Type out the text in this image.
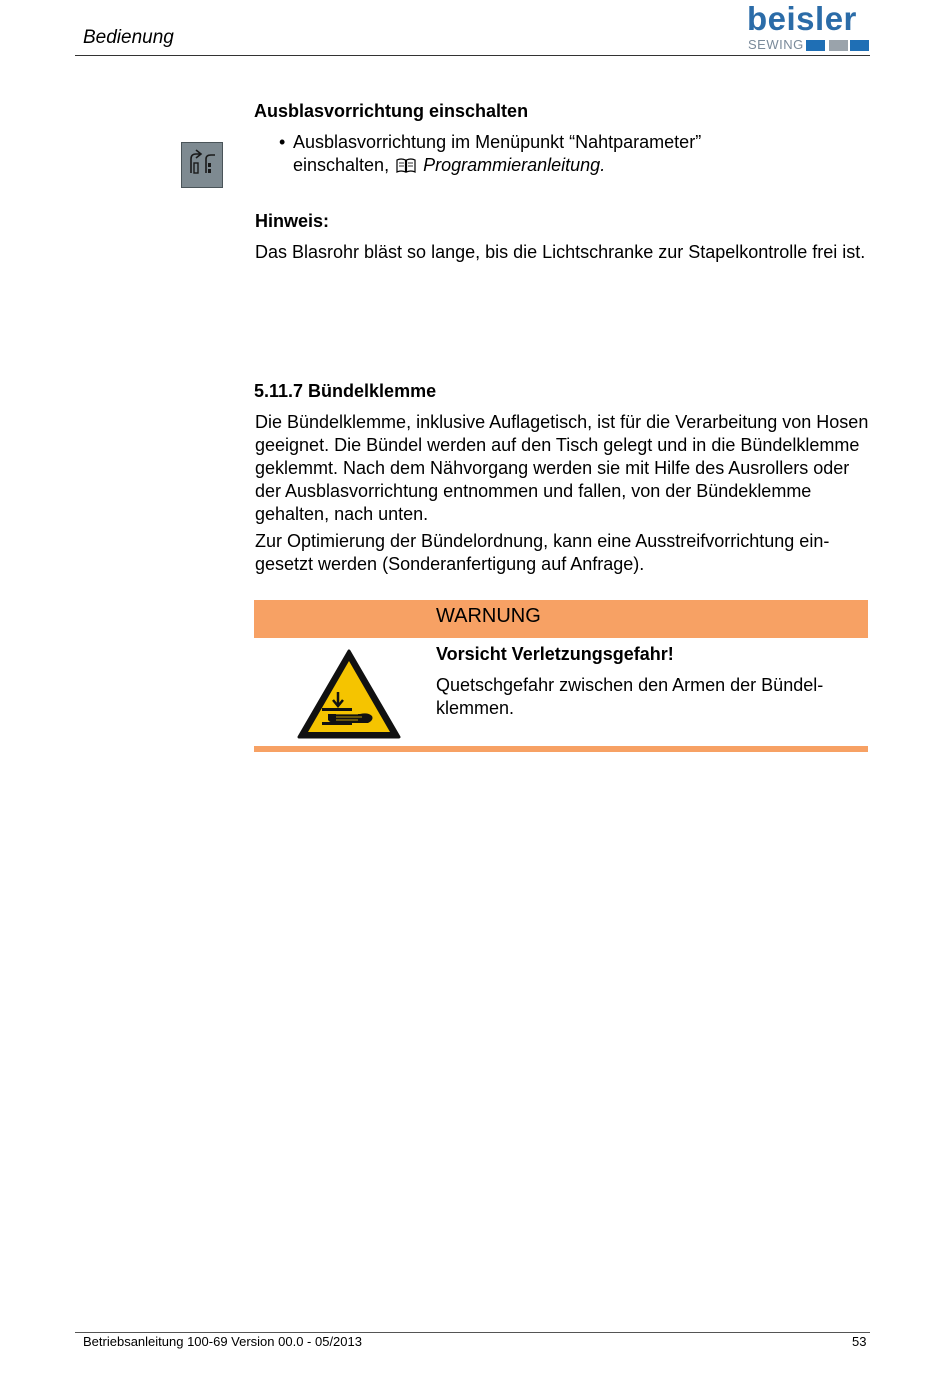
Bedienung
beisler
SEWING
Ausblasvorrichtung einschalten
• Ausblasvorrichtung im Menüpunkt “Nahtparameter” einschalten, Programmieranleitung.
Hinweis:
Das Blasrohr bläst so lange, bis die Lichtschranke zur Stapelkontrolle frei ist.
5.11.7 Bündelklemme
Die Bündelklemme, inklusive Auflagetisch, ist für die Verarbeitung von Hosen geeignet. Die Bündel werden auf den Tisch gelegt und in die Bündelklemme geklemmt. Nach dem Nähvorgang werden sie mit Hilfe des Ausrollers oder der Ausblasvorrichtung entnommen und fallen, von der Bündeklemme gehalten, nach unten.
Zur Optimierung der Bündelordnung, kann eine Ausstreifvorrichtung eingesetzt werden (Sonderanfertigung auf Anfrage).
WARNUNG
Vorsicht Verletzungsgefahr!
Quetschgefahr zwischen den Armen der Bündelklemmen.
Betriebsanleitung 100-69 Version 00.0 - 05/2013	53
